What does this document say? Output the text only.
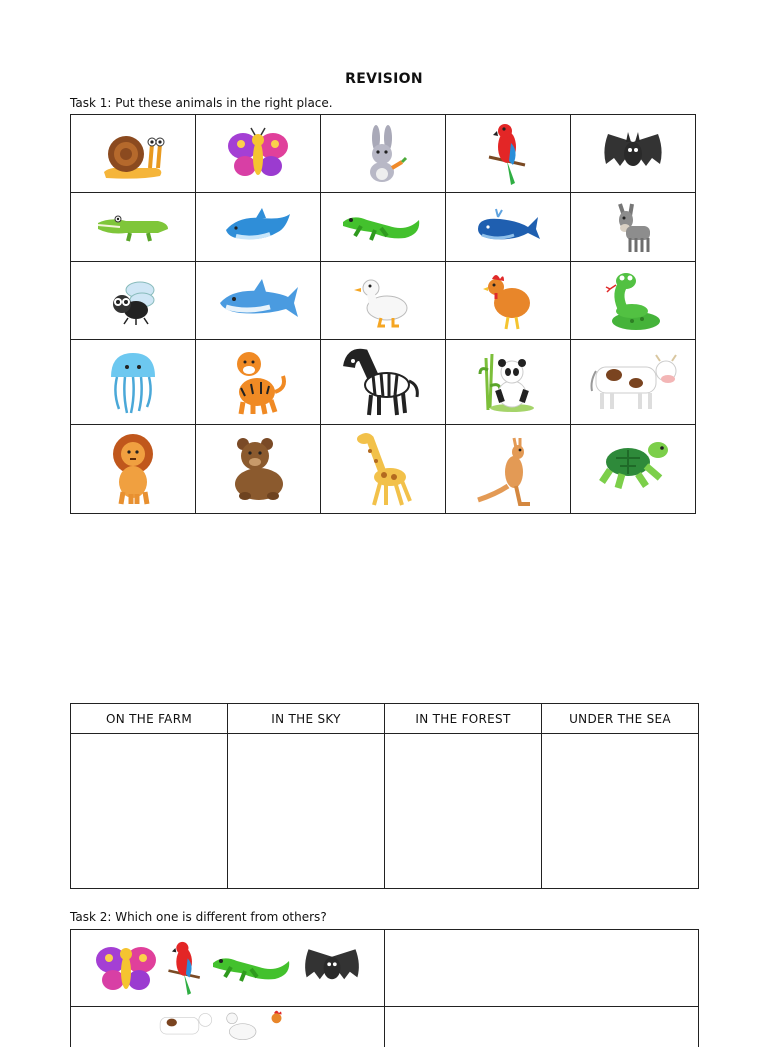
REVISION
Task 1: Put these animals in the right place.

ON THE FARM	IN THE SKY	IN THE FOREST	UNDER THE SEA

Task 2: Which one is different from others?
